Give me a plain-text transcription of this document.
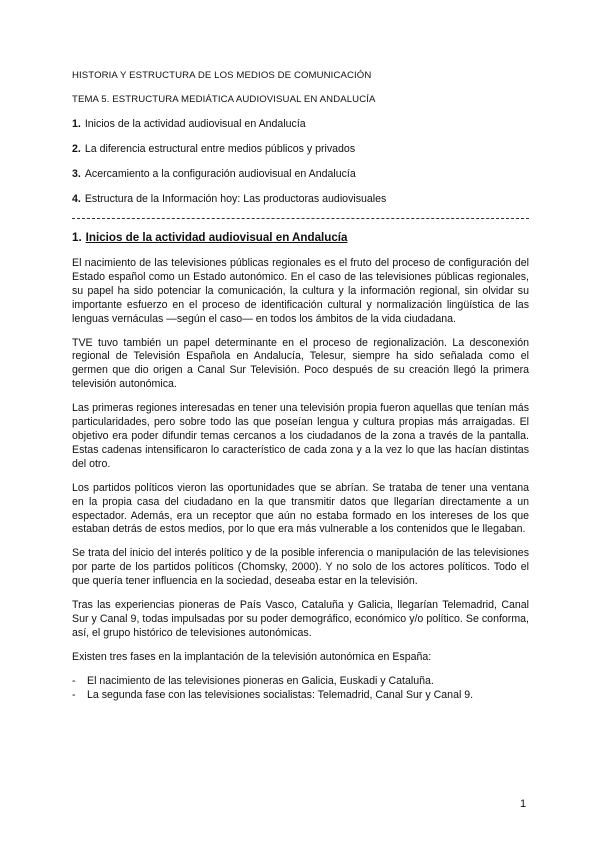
HISTORIA Y ESTRUCTURA DE LOS MEDIOS DE COMUNICACIÓN

TEMA 5. ESTRUCTURA MEDIÁTICA AUDIOVISUAL EN ANDALUCÍA

1. Inicios de la actividad audiovisual en Andalucía

2. La diferencia estructural entre medios públicos y privados

3. Acercamiento a la configuración audiovisual en Andalucía

4. Estructura de la Información hoy: Las productoras audiovisuales

1. Inicios de la actividad audiovisual en Andalucía

El nacimiento de las televisiones públicas regionales es el fruto del proceso de configuración del Estado español como un Estado autonómico. En el caso de las televisiones públicas regionales, su papel ha sido potenciar la comunicación, la cultura y la información regional, sin olvidar su importante esfuerzo en el proceso de identificación cultural y normalización lingüística de las lenguas vernáculas —según el caso— en todos los ámbitos de la vida ciudadana.

TVE tuvo también un papel determinante en el proceso de regionalización. La desconexión regional de Televisión Española en Andalucía, Telesur, siempre ha sido señalada como el germen que dio origen a Canal Sur Televisión. Poco después de su creación llegó la primera televisión autonómica.

Las primeras regiones interesadas en tener una televisión propia fueron aquellas que tenían más particularidades, pero sobre todo las que poseían lengua y cultura propias más arraigadas. El objetivo era poder difundir temas cercanos a los ciudadanos de la zona a través de la pantalla. Estas cadenas intensificaron lo característico de cada zona y a la vez lo que las hacían distintas del otro.

Los partidos políticos vieron las oportunidades que se abrían. Se trataba de tener una ventana en la propia casa del ciudadano en la que transmitir datos que llegarían directamente a un espectador. Además, era un receptor que aún no estaba formado en los intereses de los que estaban detrás de estos medios, por lo que era más vulnerable a los contenidos que le llegaban.

Se trata del inicio del interés político y de la posible inferencia o manipulación de las televisiones por parte de los partidos políticos (Chomsky, 2000). Y no solo de los actores políticos. Todo el que quería tener influencia en la sociedad, deseaba estar en la televisión.

Tras las experiencias pioneras de País Vasco, Cataluña y Galicia, llegarían Telemadrid, Canal Sur y Canal 9, todas impulsadas por su poder demográfico, económico y/o político. Se conforma, así, el grupo histórico de televisiones autonómicas.

Existen tres fases en la implantación de la televisión autonómica en España:

- El nacimiento de las televisiones pioneras en Galicia, Euskadi y Cataluña.
- La segunda fase con las televisiones socialistas: Telemadrid, Canal Sur y Canal 9.
1
